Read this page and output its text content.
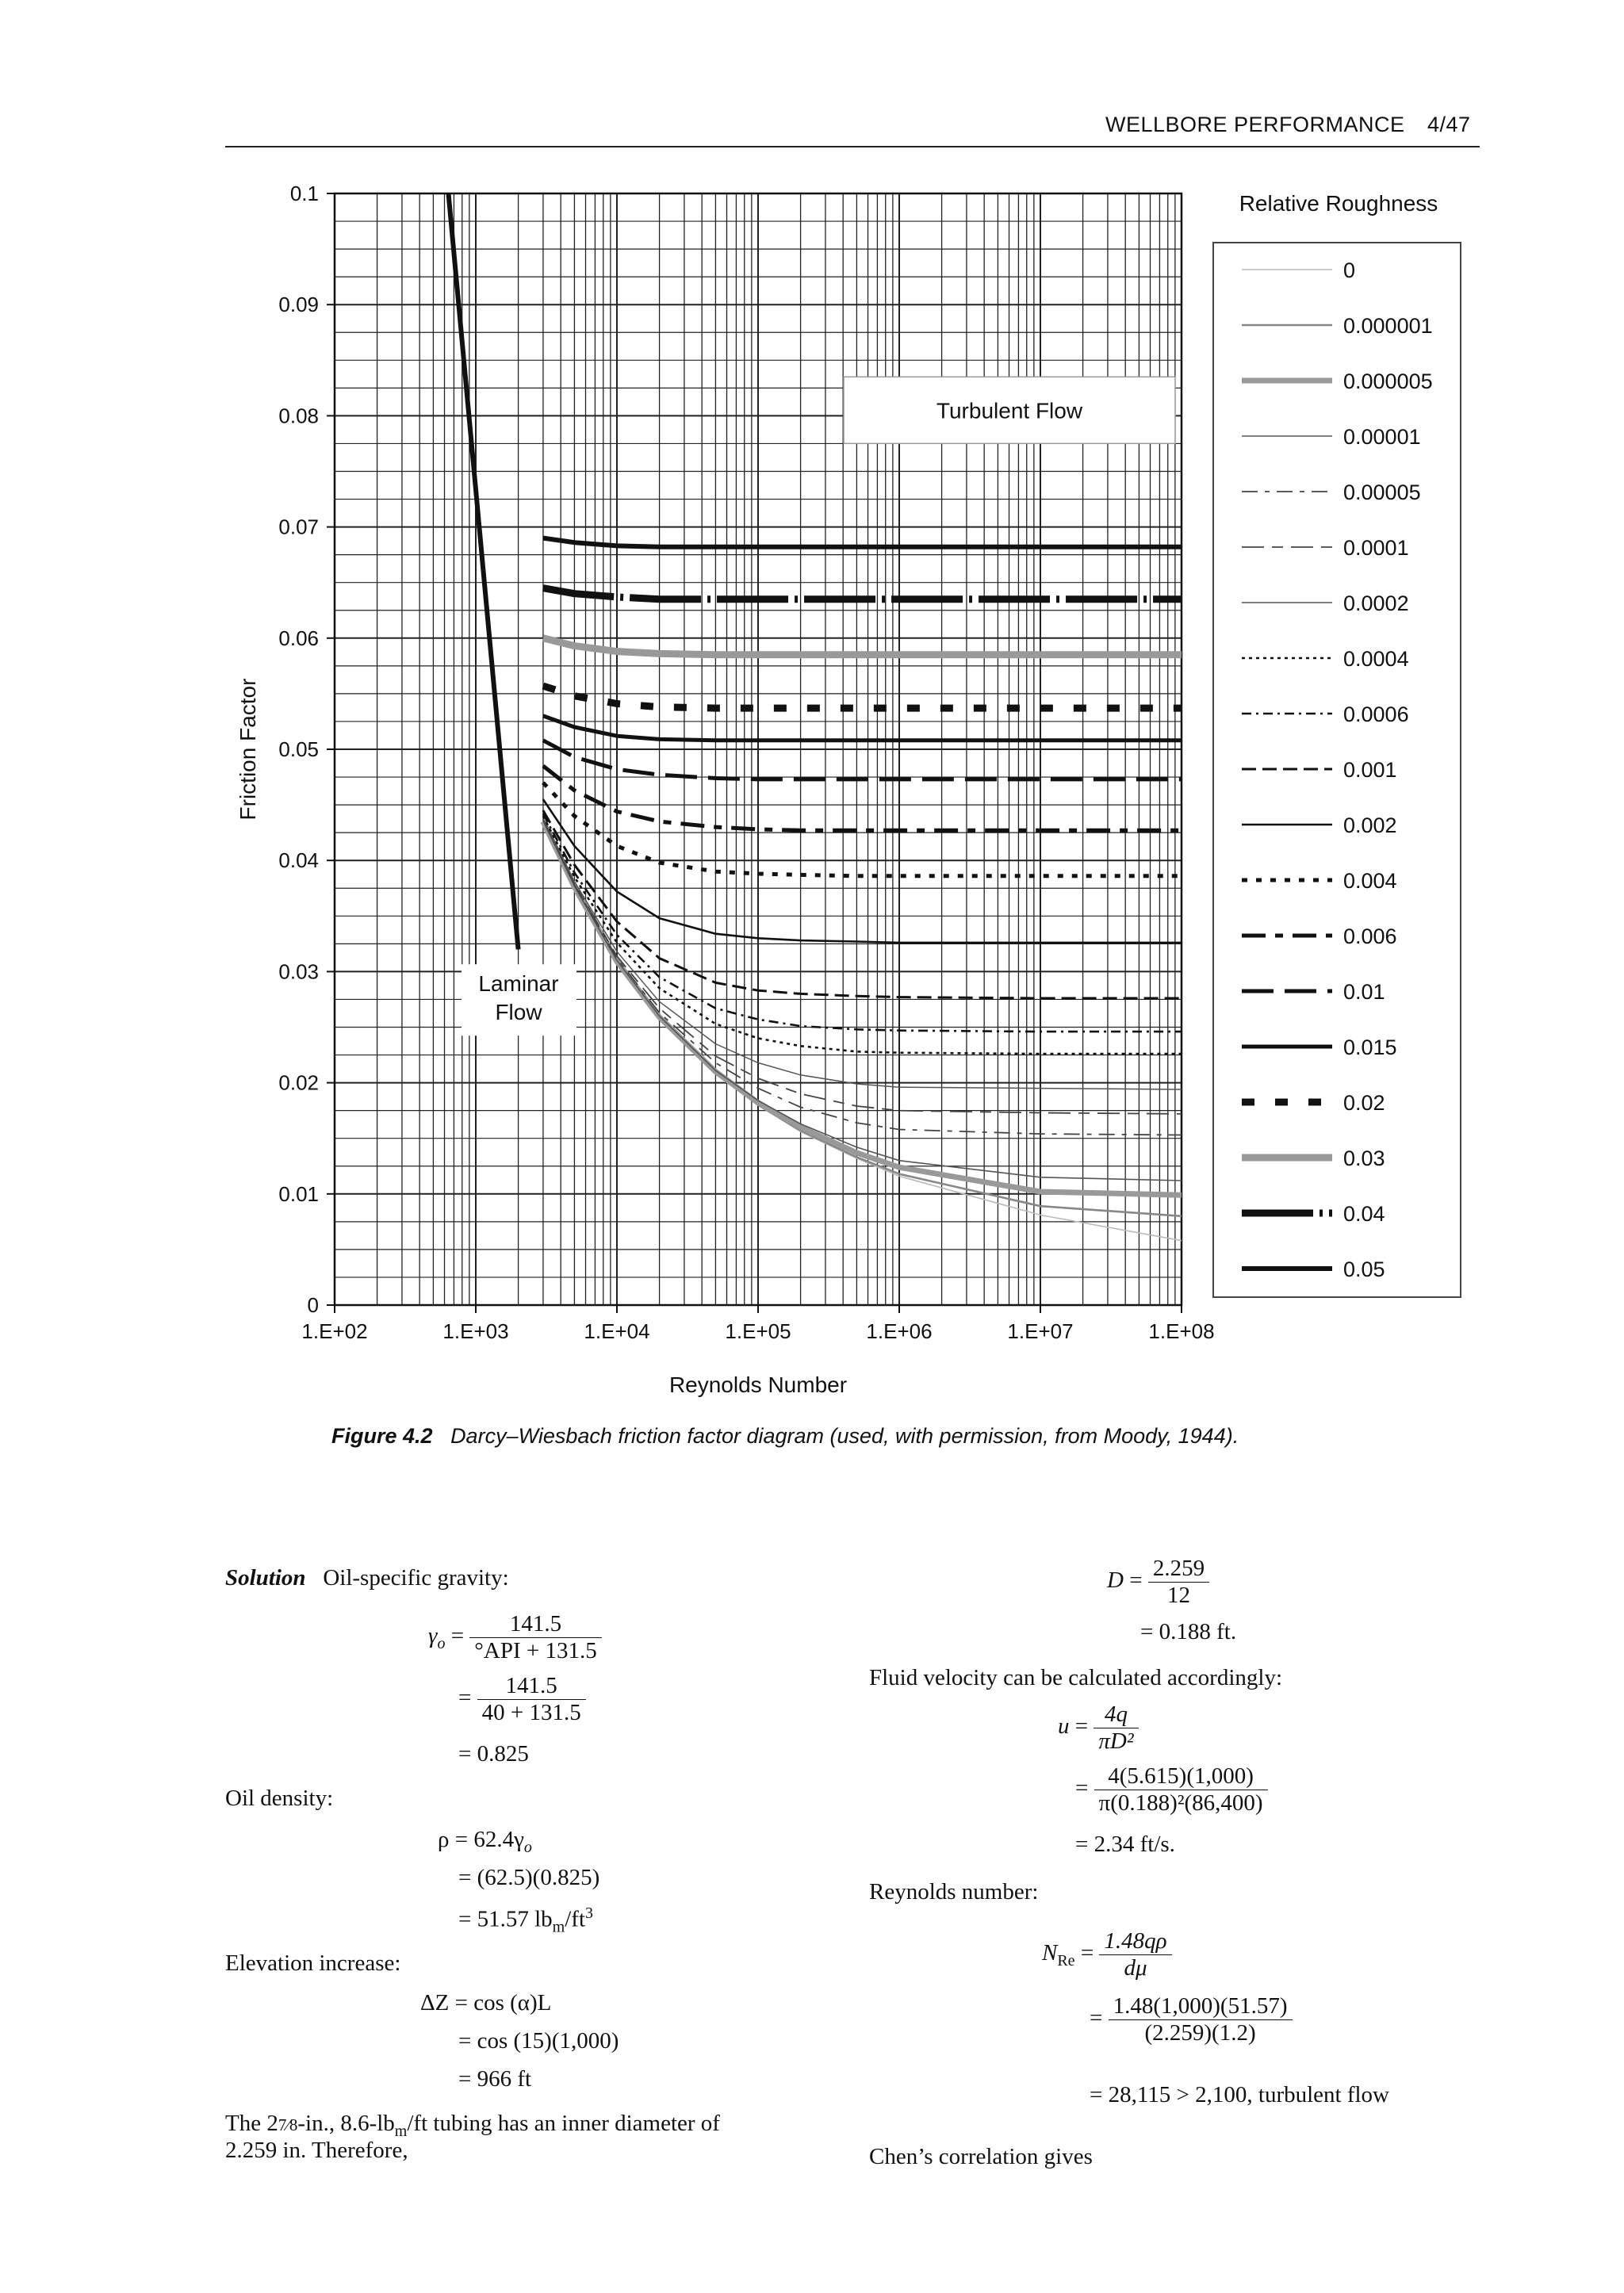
WELLBORE PERFORMANCE 4/47
0
0.01
0.02
0.03
0.04
0.05
0.06
0.07
0.08
0.09
0.1
1.E+02	1.E+03	1.E+04	1.E+05	1.E+06	1.E+07	1.E+08
Reynolds Number
Friction Factor
Laminar
Flow
Turbulent Flow
Relative Roughness
0
0.000001
0.000005
0.00001
0.00005
0.0001
0.0002
0.0004
0.0006
0.001
0.002
0.004
0.006
0.01
0.015
0.02
0.03
0.04
0.05
Figure 4.2 Darcy–Wiesbach friction factor diagram (used, with permission, from Moody, 1944).
Solution Oil-specific gravity:
$\gamma_o = \frac{141.5}{\text{°API + 131.5}}$
= $\frac{141.5}{40 + 131.5}$
= 0.825
Oil density:
$\rho = 62.4\gamma_o$
= (62.5)(0.825)
= 51.57 $lb_m/ft^3$
Elevation increase:
ΔZ = cos (α)L
= cos (15)(1,000)
= 966 ft
The 27⁄8-in., $8.6-lb_m/ft$ tubing has an inner diameter of
2.259 in. Therefore,
$D = \frac{2.259}{12}$
= 0.188 ft.
Fluid velocity can be calculated accordingly:
$u = \frac{4q}{\text{πD²}}$
= $\frac{4(5.615)(1,000)}{\text{π(0.188)²(86,400)}}$
= 2.34 ft/s.
Reynolds number:
$N_{Re} = \frac{1.48q\rho}{d\mu}$
= $\frac{1.48(1,000)(51.57)}{(2.259)(1.2)}$
= 28,115 > 2,100, turbulent flow
Chen’s correlation gives
